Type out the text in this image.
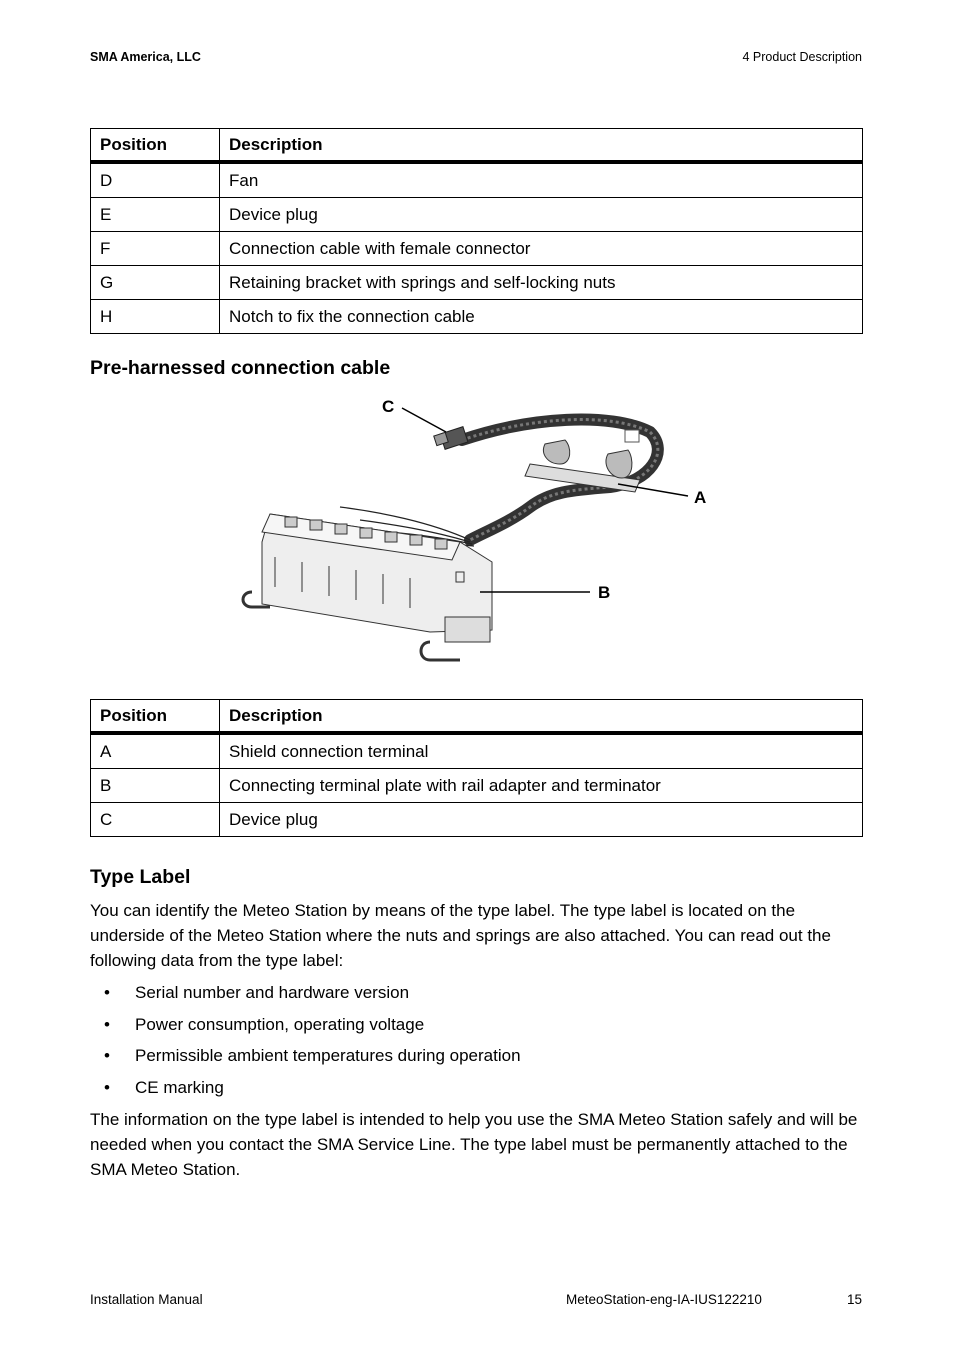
SMA America, LLC	4 Product Description
Position	Description
D	Fan
E	Device plug
F	Connection cable with female connector
G	Retaining bracket with springs and self-locking nuts
H	Notch to fix the connection cable
Pre-harnessed connection cable
C
A
B
Position	Description
A	Shield connection terminal
B	Connecting terminal plate with rail adapter and terminator
C	Device plug
Type Label

You can identify the Meteo Station by means of the type label. The type label is located on the underside of the Meteo Station where the nuts and springs are also attached. You can read out the following data from the type label:

• Serial number and hardware version
• Power consumption, operating voltage
• Permissible ambient temperatures during operation
• CE marking

The information on the type label is intended to help you use the SMA Meteo Station safely and will be needed when you contact the SMA Service Line. The type label must be permanently attached to the SMA Meteo Station.

Installation Manual	MeteoStation-eng-IA-IUS122210	15
